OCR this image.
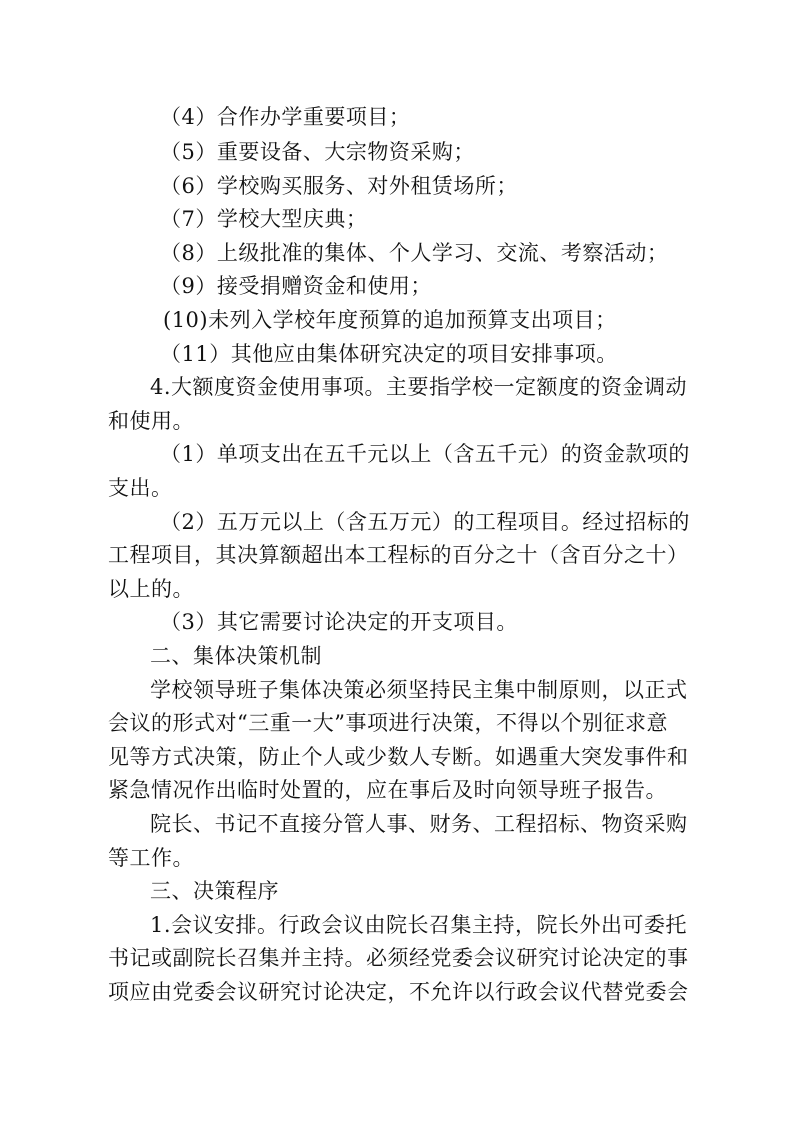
（4）合作办学重要项目；
（5）重要设备、大宗物资采购；
（6）学校购买服务、对外租赁场所；
（7）学校大型庆典；
（8）上级批准的集体、个人学习、交流、考察活动；
（9）接受捐赠资金和使用；
(10)未列入学校年度预算的追加预算支出项目；
（11）其他应由集体研究决定的项目安排事项。
4.大额度资金使用事项。主要指学校一定额度的资金调动
和使用。
（1）单项支出在五千元以上（含五千元）的资金款项的
支出。
（2）五万元以上（含五万元）的工程项目。经过招标的
工程项目，其决算额超出本工程标的百分之十（含百分之十）
以上的。
（3）其它需要讨论决定的开支项目。
二、集体决策机制
学校领导班子集体决策必须坚持民主集中制原则，以正式
会议的形式对“三重一大”事项进行决策，不得以个别征求意
见等方式决策，防止个人或少数人专断。如遇重大突发事件和
紧急情况作出临时处置的，应在事后及时向领导班子报告。
院长、书记不直接分管人事、财务、工程招标、物资采购
等工作。
三、决策程序
1.会议安排。行政会议由院长召集主持，院长外出可委托
书记或副院长召集并主持。必须经党委会议研究讨论决定的事
项应由党委会议研究讨论决定，不允许以行政会议代替党委会
